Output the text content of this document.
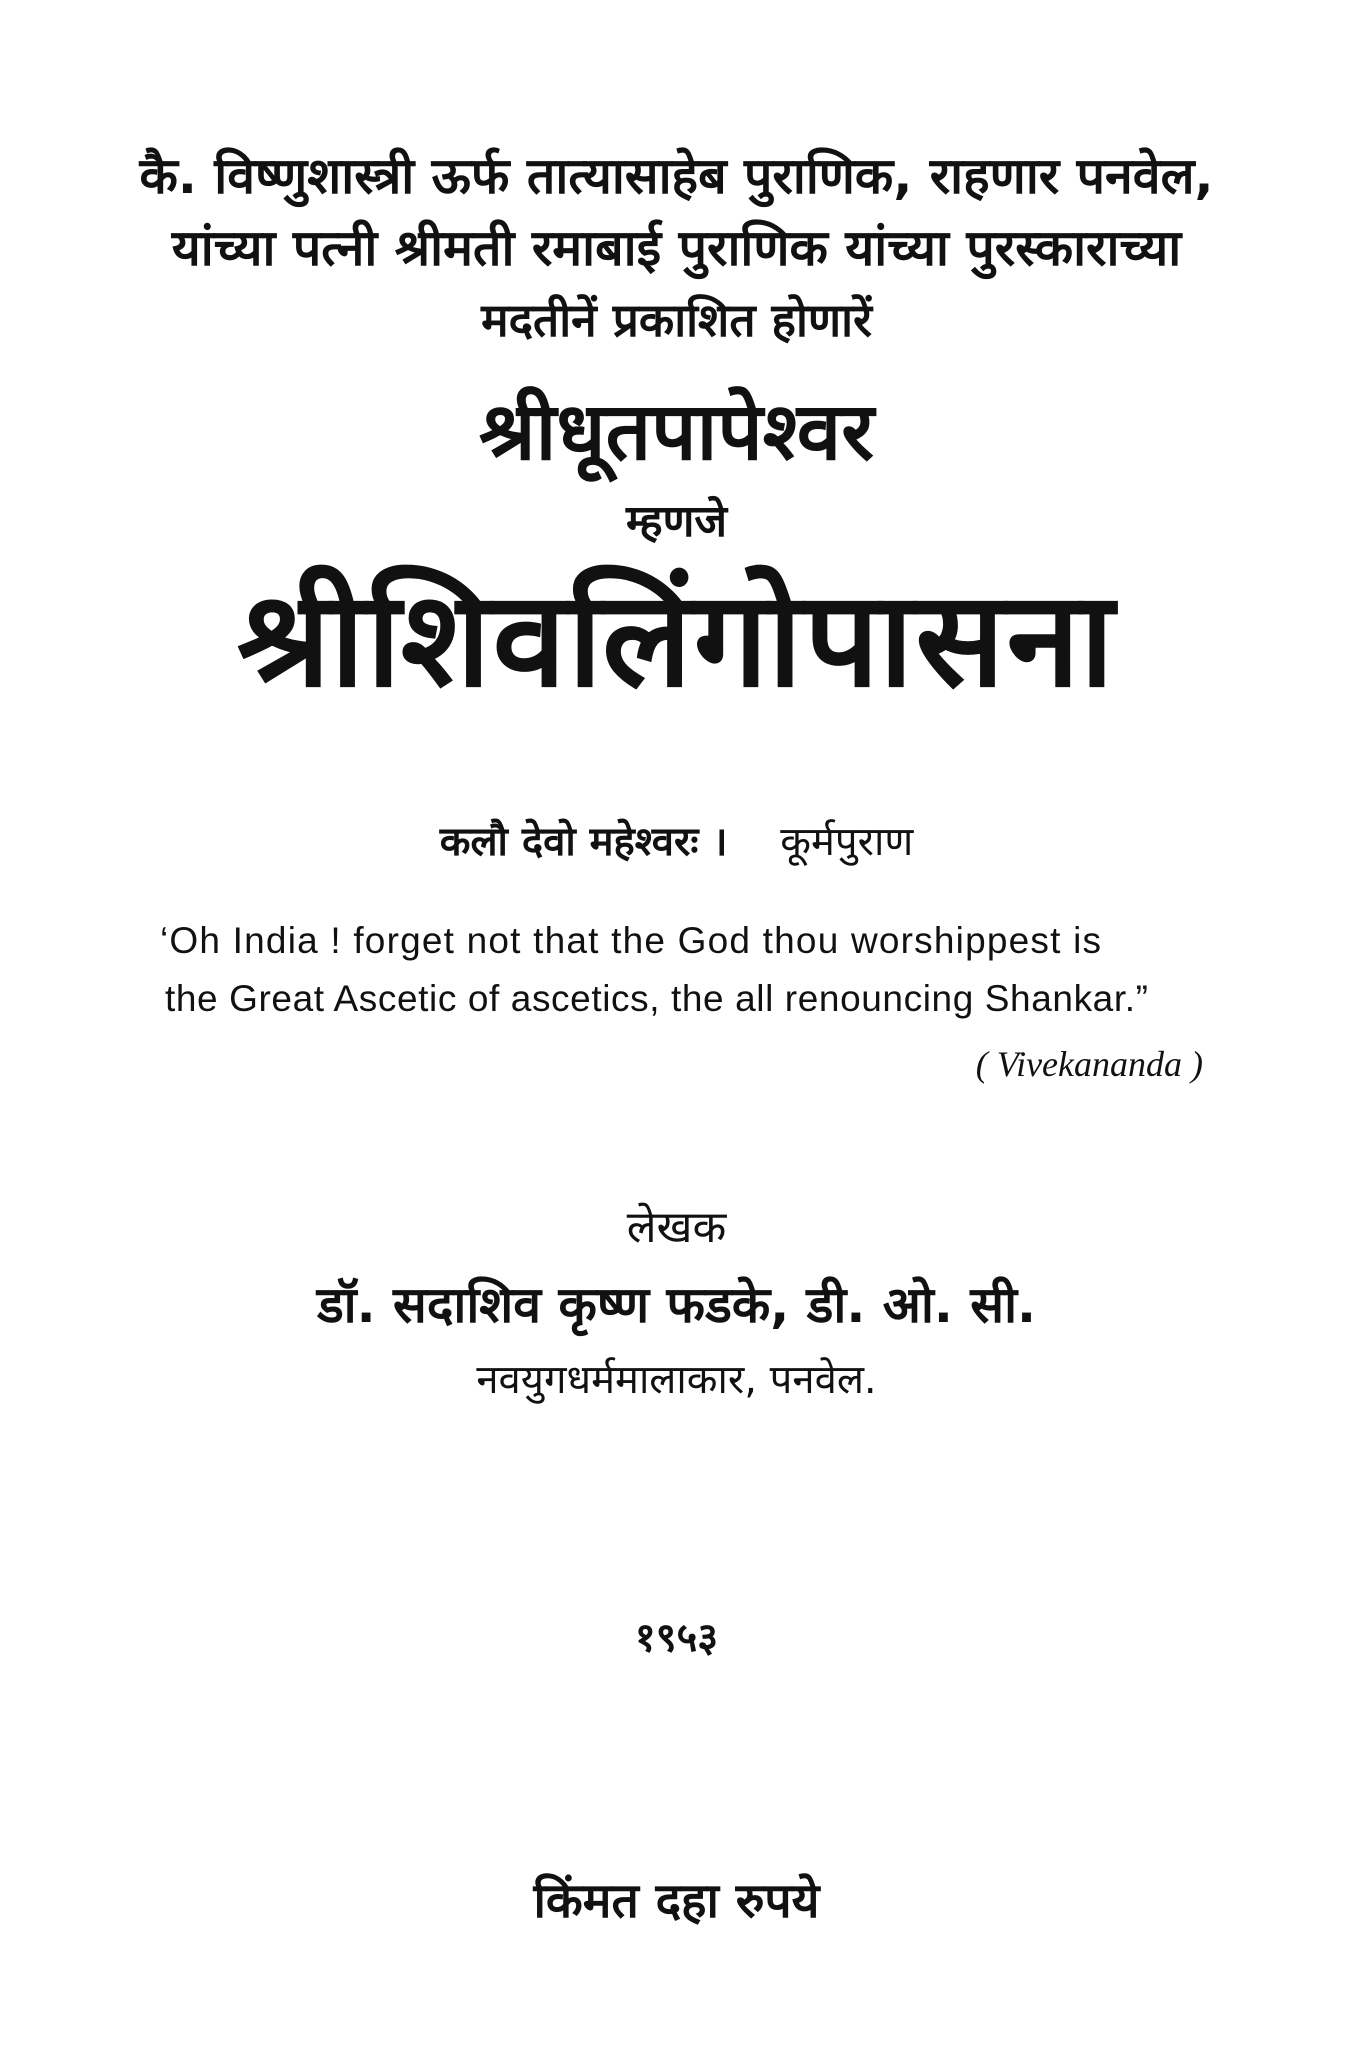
कै. विष्णुशास्त्री ऊर्फ तात्यासाहेब पुराणिक, राहणार पनवेल,
यांच्या पत्नी श्रीमती रमाबाई पुराणिक यांच्या पुरस्काराच्या
मदतीनें प्रकाशित होणारें
श्रीधूतपापेश्वर
म्हणजे
श्रीशिवलिंगोपासना
कलौ देवो महेश्वरः । कूर्मपुराण
‘Oh India ! forget not that the God thou worshippest is
the Great Ascetic of ascetics, the all renouncing Shankar.”
( Vivekananda )
लेखक
डॉ. सदाशिव कृष्ण फडके, डी. ओ. सी.
नवयुगधर्ममालाकार, पनवेल.
१९५३
किंमत दहा रुपये
